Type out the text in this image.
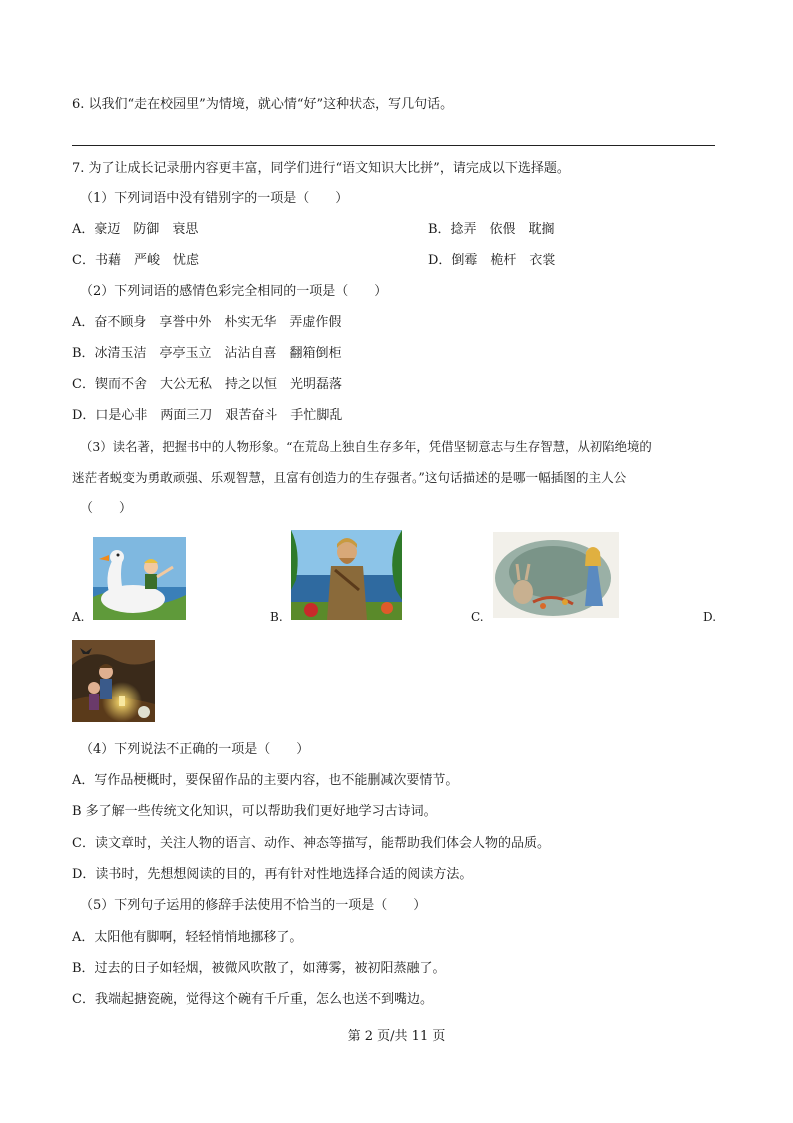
6. 以我们“走在校园里”为情境，就心情“好”这种状态，写几句话。
7. 为了让成长记录册内容更丰富，同学们进行“语文知识大比拼”，请完成以下选择题。
（1）下列词语中没有错别字的一项是（　　）
A．豪迈　防御　衰思	B．捻弄　依偎　耽搁
C．书藉　严峻　忧虑	D．倒霉　桅杆　衣裳
（2）下列词语的感情色彩完全相同的一项是（　　）
A．奋不顾身　享誉中外　朴实无华　弄虚作假
B．冰清玉洁　亭亭玉立　沾沾自喜　翻箱倒柜
C．锲而不舍　大公无私　持之以恒　光明磊落
D．口是心非　两面三刀　艰苦奋斗　手忙脚乱
（3）读名著，把握书中的人物形象。“在荒岛上独自生存多年，凭借坚韧意志与生存智慧，从初陷绝境的
迷茫者蜕变为勇敢顽强、乐观智慧，且富有创造力的生存强者。”这句话描述的是哪一幅插图的主人公
（　　）
A.	B.	C.	D.
（4）下列说法不正确的一项是（　　）
A．写作品梗概时，要保留作品的主要内容，也不能删减次要情节。
B 多了解一些传统文化知识，可以帮助我们更好地学习古诗词。
C．读文章时，关注人物的语言、动作、神态等描写，能帮助我们体会人物的品质。
D．读书时，先想想阅读的目的，再有针对性地选择合适的阅读方法。
（5）下列句子运用的修辞手法使用不恰当的一项是（　　）
A．太阳他有脚啊，轻轻悄悄地挪移了。
B．过去的日子如轻烟，被微风吹散了，如薄雾，被初阳蒸融了。
C．我端起搪瓷碗，觉得这个碗有千斤重，怎么也送不到嘴边。
第 2 页/共 11 页
